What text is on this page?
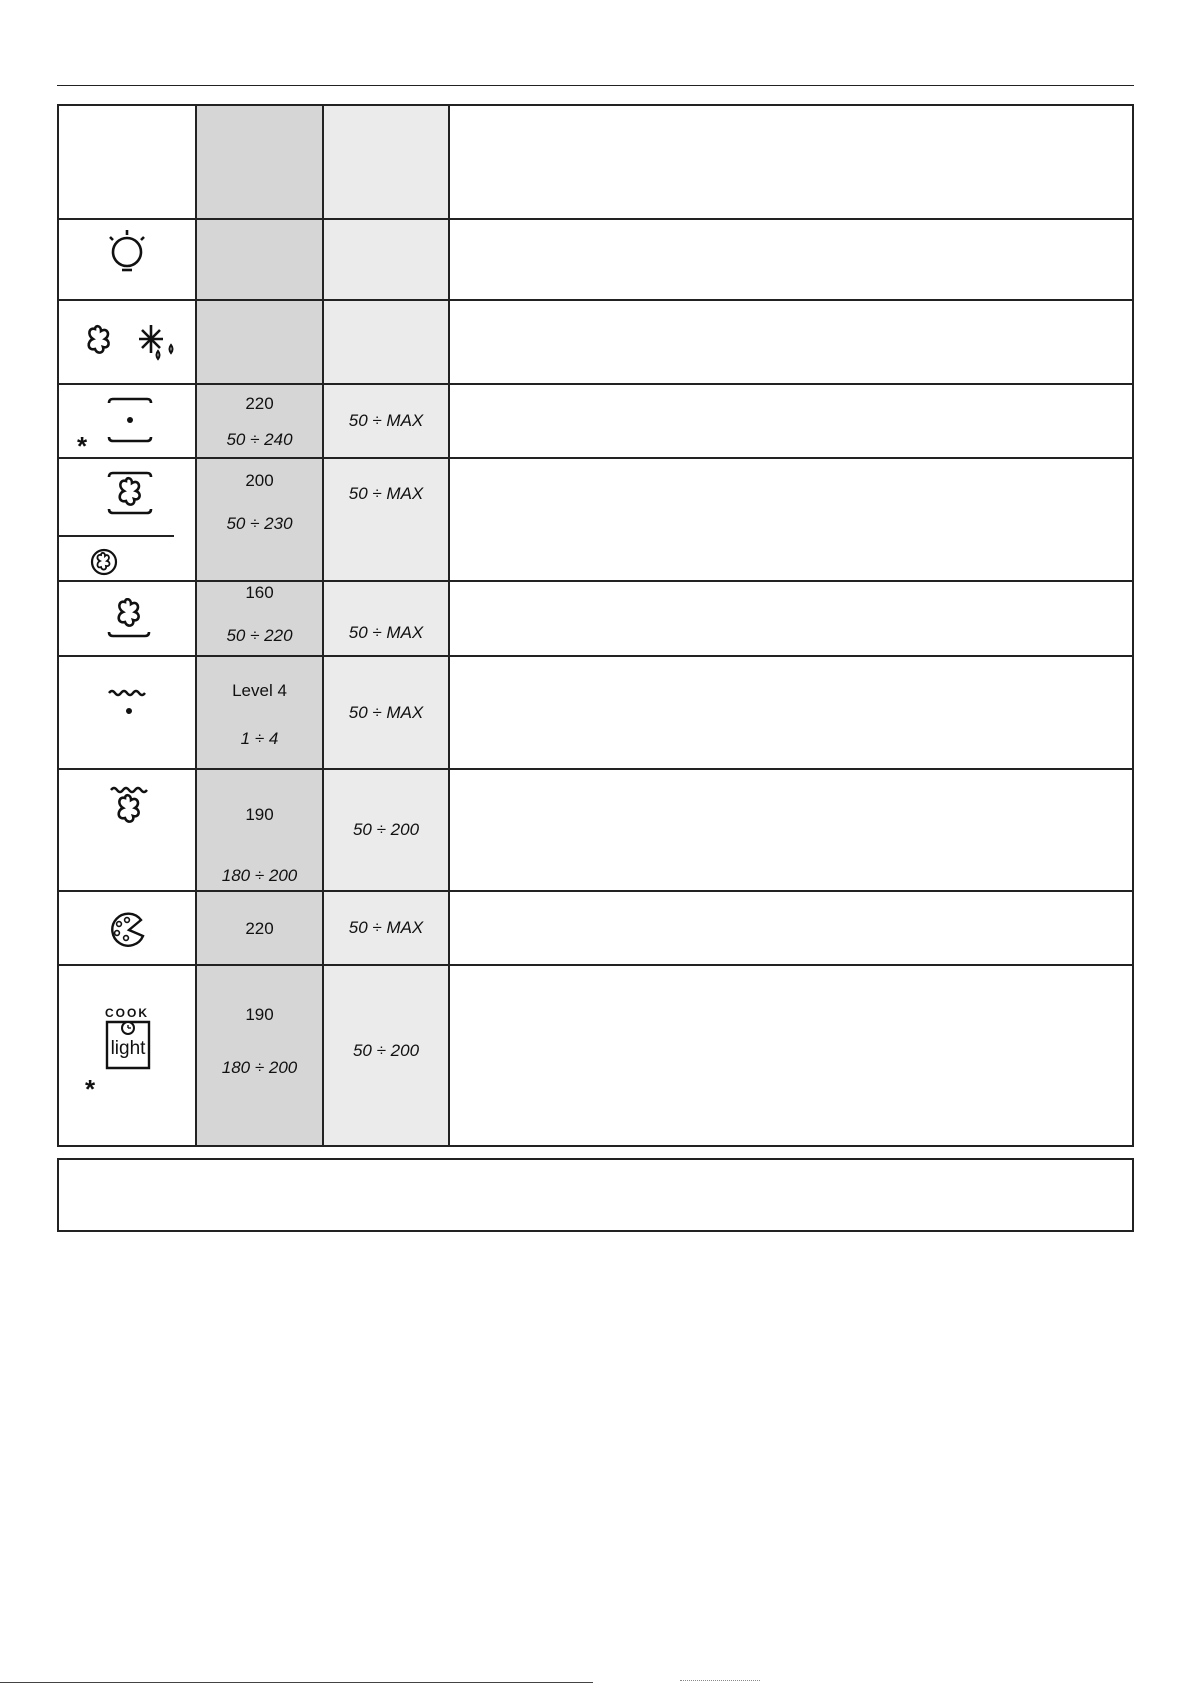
*
220
50 ÷ 240
50 ÷ MAX
200
50 ÷ 230
50 ÷ MAX
160
50 ÷ 220	50 ÷ MAX
Level 4
1 ÷ 4
50 ÷ MAX
190
180 ÷ 200
50 ÷ 200
220	50 ÷ MAX
COOK
light
*
190
180 ÷ 200
50 ÷ 200
